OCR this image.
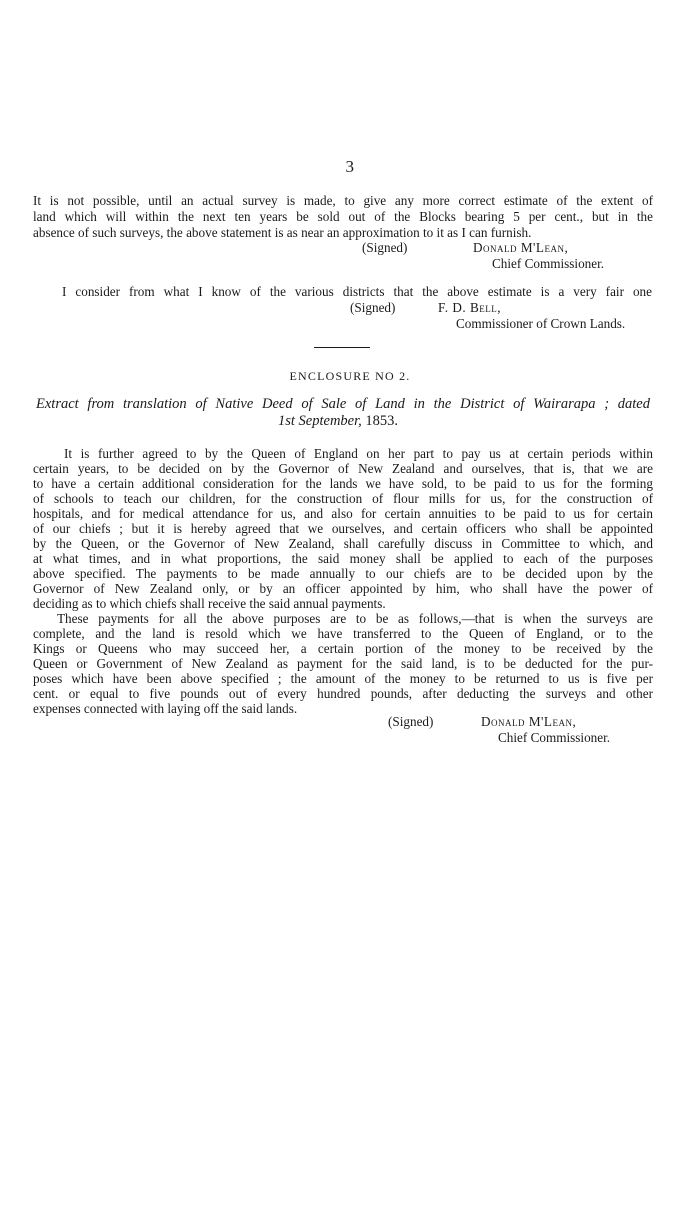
3
It is not possible, until an actual survey is made, to give any more correct estimate of the extent of
land which will within the next ten years be sold out of the Blocks bearing 5 per cent., but in the
absence of such surveys, the above statement is as near an approximation to it as I can furnish.
(Signed)	Donald M'Lean,
Chief Commissioner.
I consider from what I know of the various districts that the above estimate is a very fair one
(Signed)	F. D. Bell,
Commissioner of Crown Lands.
ENCLOSURE NO 2.
Extract from translation of Native Deed of Sale of Land in the District of Wairarapa ; dated
1st September, 1853.
It is further agreed to by the Queen of England on her part to pay us at certain periods within
certain years, to be decided on by the Governor of New Zealand and ourselves, that is, that we are
to have a certain additional consideration for the lands we have sold, to be paid to us for the forming
of schools to teach our children, for the construction of flour mills for us, for the construction of
hospitals, and for medical attendance for us, and also for certain annuities to be paid to us for certain
of our chiefs ; but it is hereby agreed that we ourselves, and certain officers who shall be appointed
by the Queen, or the Governor of New Zealand, shall carefully discuss in Committee to which, and
at what times, and in what proportions, the said money shall be applied to each of the purposes
above specified. The payments to be made annually to our chiefs are to be decided upon by the
Governor of New Zealand only, or by an officer appointed by him, who shall have the power of
deciding as to which chiefs shall receive the said annual payments.
These payments for all the above purposes are to be as follows,—that is when the surveys are
complete, and the land is resold which we have transferred to the Queen of England, or to the
Kings or Queens who may succeed her, a certain portion of the money to be received by the
Queen or Government of New Zealand as payment for the said land, is to be deducted for the pur-
poses which have been above specified ; the amount of the money to be returned to us is five per
cent. or equal to five pounds out of every hundred pounds, after deducting the surveys and other
expenses connected with laying off the said lands.
(Signed)	Donald M'Lean,
Chief Commissioner.
